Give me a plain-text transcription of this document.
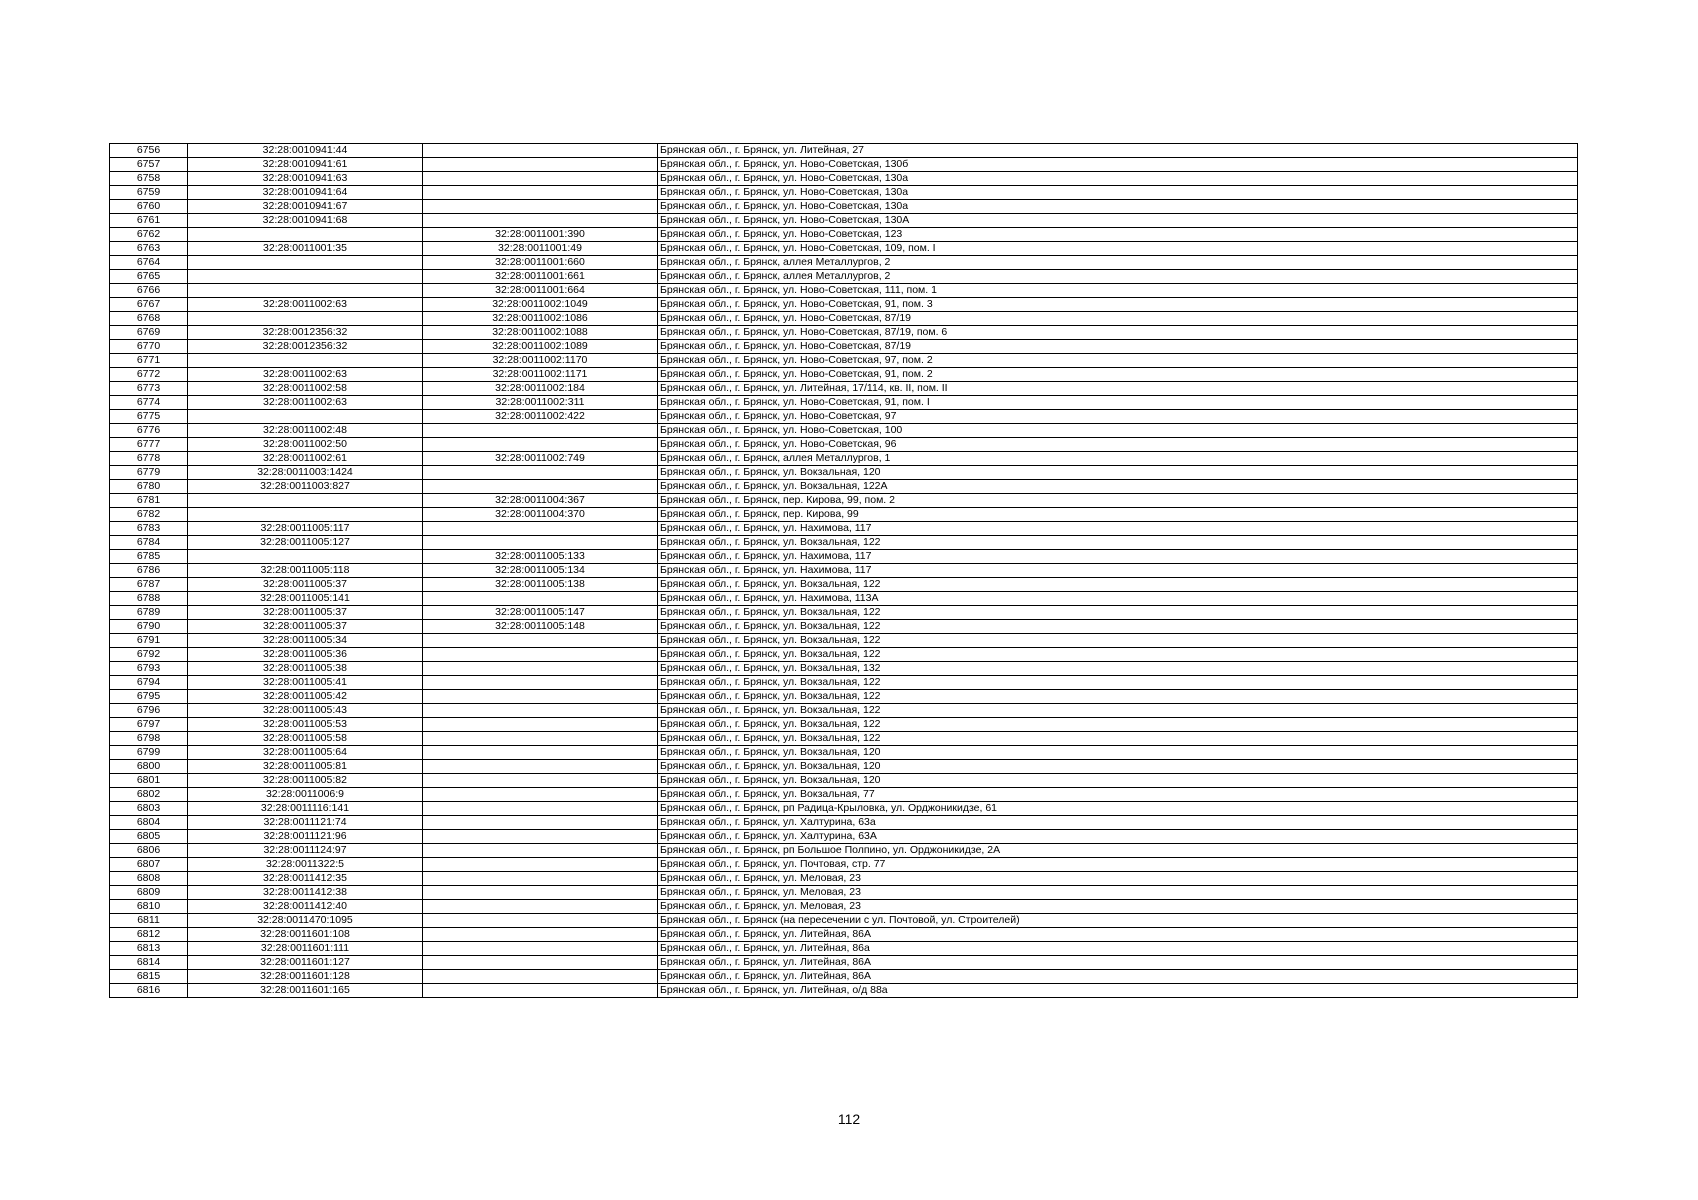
6756	32:28:0010941:44		Брянская обл., г. Брянск, ул. Литейная, 27
6757	32:28:0010941:61		Брянская обл., г. Брянск, ул. Ново-Советская, 130б
6758	32:28:0010941:63		Брянская обл., г. Брянск, ул. Ново-Советская, 130а
6759	32:28:0010941:64		Брянская обл., г. Брянск, ул. Ново-Советская, 130а
6760	32:28:0010941:67		Брянская обл., г. Брянск, ул. Ново-Советская, 130а
6761	32:28:0010941:68		Брянская обл., г. Брянск, ул. Ново-Советская, 130А
6762		32:28:0011001:390	Брянская обл., г. Брянск, ул. Ново-Советская, 123
6763	32:28:0011001:35	32:28:0011001:49	Брянская обл., г. Брянск, ул. Ново-Советская, 109, пом. I
6764		32:28:0011001:660	Брянская обл., г. Брянск, аллея Металлургов, 2
6765		32:28:0011001:661	Брянская обл., г. Брянск, аллея Металлургов, 2
6766		32:28:0011001:664	Брянская обл., г. Брянск, ул. Ново-Советская, 111, пом. 1
6767	32:28:0011002:63	32:28:0011002:1049	Брянская обл., г. Брянск, ул. Ново-Советская, 91, пом. 3
6768		32:28:0011002:1086	Брянская обл., г. Брянск, ул. Ново-Советская, 87/19
6769	32:28:0012356:32	32:28:0011002:1088	Брянская обл., г. Брянск, ул. Ново-Советская, 87/19, пом. 6
6770	32:28:0012356:32	32:28:0011002:1089	Брянская обл., г. Брянск, ул. Ново-Советская, 87/19
6771		32:28:0011002:1170	Брянская обл., г. Брянск, ул. Ново-Советская, 97, пом. 2
6772	32:28:0011002:63	32:28:0011002:1171	Брянская обл., г. Брянск, ул. Ново-Советская, 91, пом. 2
6773	32:28:0011002:58	32:28:0011002:184	Брянская обл., г. Брянск, ул. Литейная, 17/114, кв. II, пом. II
6774	32:28:0011002:63	32:28:0011002:311	Брянская обл., г. Брянск, ул. Ново-Советская, 91, пом. I
6775		32:28:0011002:422	Брянская обл., г. Брянск, ул. Ново-Советская, 97
6776	32:28:0011002:48		Брянская обл., г. Брянск, ул. Ново-Советская, 100
6777	32:28:0011002:50		Брянская обл., г. Брянск, ул. Ново-Советская, 96
6778	32:28:0011002:61	32:28:0011002:749	Брянская обл., г. Брянск, аллея Металлургов, 1
6779	32:28:0011003:1424		Брянская обл., г. Брянск, ул. Вокзальная, 120
6780	32:28:0011003:827		Брянская обл., г. Брянск, ул. Вокзальная, 122А
6781		32:28:0011004:367	Брянская обл., г. Брянск, пер. Кирова, 99, пом. 2
6782		32:28:0011004:370	Брянская обл., г. Брянск, пер. Кирова, 99
6783	32:28:0011005:117		Брянская обл., г. Брянск, ул. Нахимова, 117
6784	32:28:0011005:127		Брянская обл., г. Брянск, ул. Вокзальная, 122
6785		32:28:0011005:133	Брянская обл., г. Брянск, ул. Нахимова, 117
6786	32:28:0011005:118	32:28:0011005:134	Брянская обл., г. Брянск, ул. Нахимова, 117
6787	32:28:0011005:37	32:28:0011005:138	Брянская обл., г. Брянск, ул. Вокзальная, 122
6788	32:28:0011005:141		Брянская обл., г. Брянск, ул. Нахимова, 113А
6789	32:28:0011005:37	32:28:0011005:147	Брянская обл., г. Брянск, ул. Вокзальная, 122
6790	32:28:0011005:37	32:28:0011005:148	Брянская обл., г. Брянск, ул. Вокзальная, 122
6791	32:28:0011005:34		Брянская обл., г. Брянск, ул. Вокзальная, 122
6792	32:28:0011005:36		Брянская обл., г. Брянск, ул. Вокзальная, 122
6793	32:28:0011005:38		Брянская обл., г. Брянск, ул. Вокзальная, 132
6794	32:28:0011005:41		Брянская обл., г. Брянск, ул. Вокзальная, 122
6795	32:28:0011005:42		Брянская обл., г. Брянск, ул. Вокзальная, 122
6796	32:28:0011005:43		Брянская обл., г. Брянск, ул. Вокзальная, 122
6797	32:28:0011005:53		Брянская обл., г. Брянск, ул. Вокзальная, 122
6798	32:28:0011005:58		Брянская обл., г. Брянск, ул. Вокзальная, 122
6799	32:28:0011005:64		Брянская обл., г. Брянск, ул. Вокзальная, 120
6800	32:28:0011005:81		Брянская обл., г. Брянск, ул. Вокзальная, 120
6801	32:28:0011005:82		Брянская обл., г. Брянск, ул. Вокзальная, 120
6802	32:28:0011006:9		Брянская обл., г. Брянск, ул. Вокзальная, 77
6803	32:28:0011116:141		Брянская обл., г. Брянск, рп Радица-Крыловка, ул. Орджоникидзе, 61
6804	32:28:0011121:74		Брянская обл., г. Брянск, ул. Халтурина, 63а
6805	32:28:0011121:96		Брянская обл., г. Брянск, ул. Халтурина, 63А
6806	32:28:0011124:97		Брянская обл., г. Брянск, рп Большое Полпино, ул. Орджоникидзе, 2А
6807	32:28:0011322:5		Брянская обл., г. Брянск, ул. Почтовая, стр. 77
6808	32:28:0011412:35		Брянская обл., г. Брянск, ул. Меловая, 23
6809	32:28:0011412:38		Брянская обл., г. Брянск, ул. Меловая, 23
6810	32:28:0011412:40		Брянская обл., г. Брянск, ул. Меловая, 23
6811	32:28:0011470:1095		Брянская обл., г. Брянск (на пересечении с ул. Почтовой, ул. Строителей)
6812	32:28:0011601:108		Брянская обл., г. Брянск, ул. Литейная, 86А
6813	32:28:0011601:111		Брянская обл., г. Брянск, ул. Литейная, 86а
6814	32:28:0011601:127		Брянская обл., г. Брянск, ул. Литейная, 86А
6815	32:28:0011601:128		Брянская обл., г. Брянск, ул. Литейная, 86А
6816	32:28:0011601:165		Брянская обл., г. Брянск, ул. Литейная, о/д 88а
112
